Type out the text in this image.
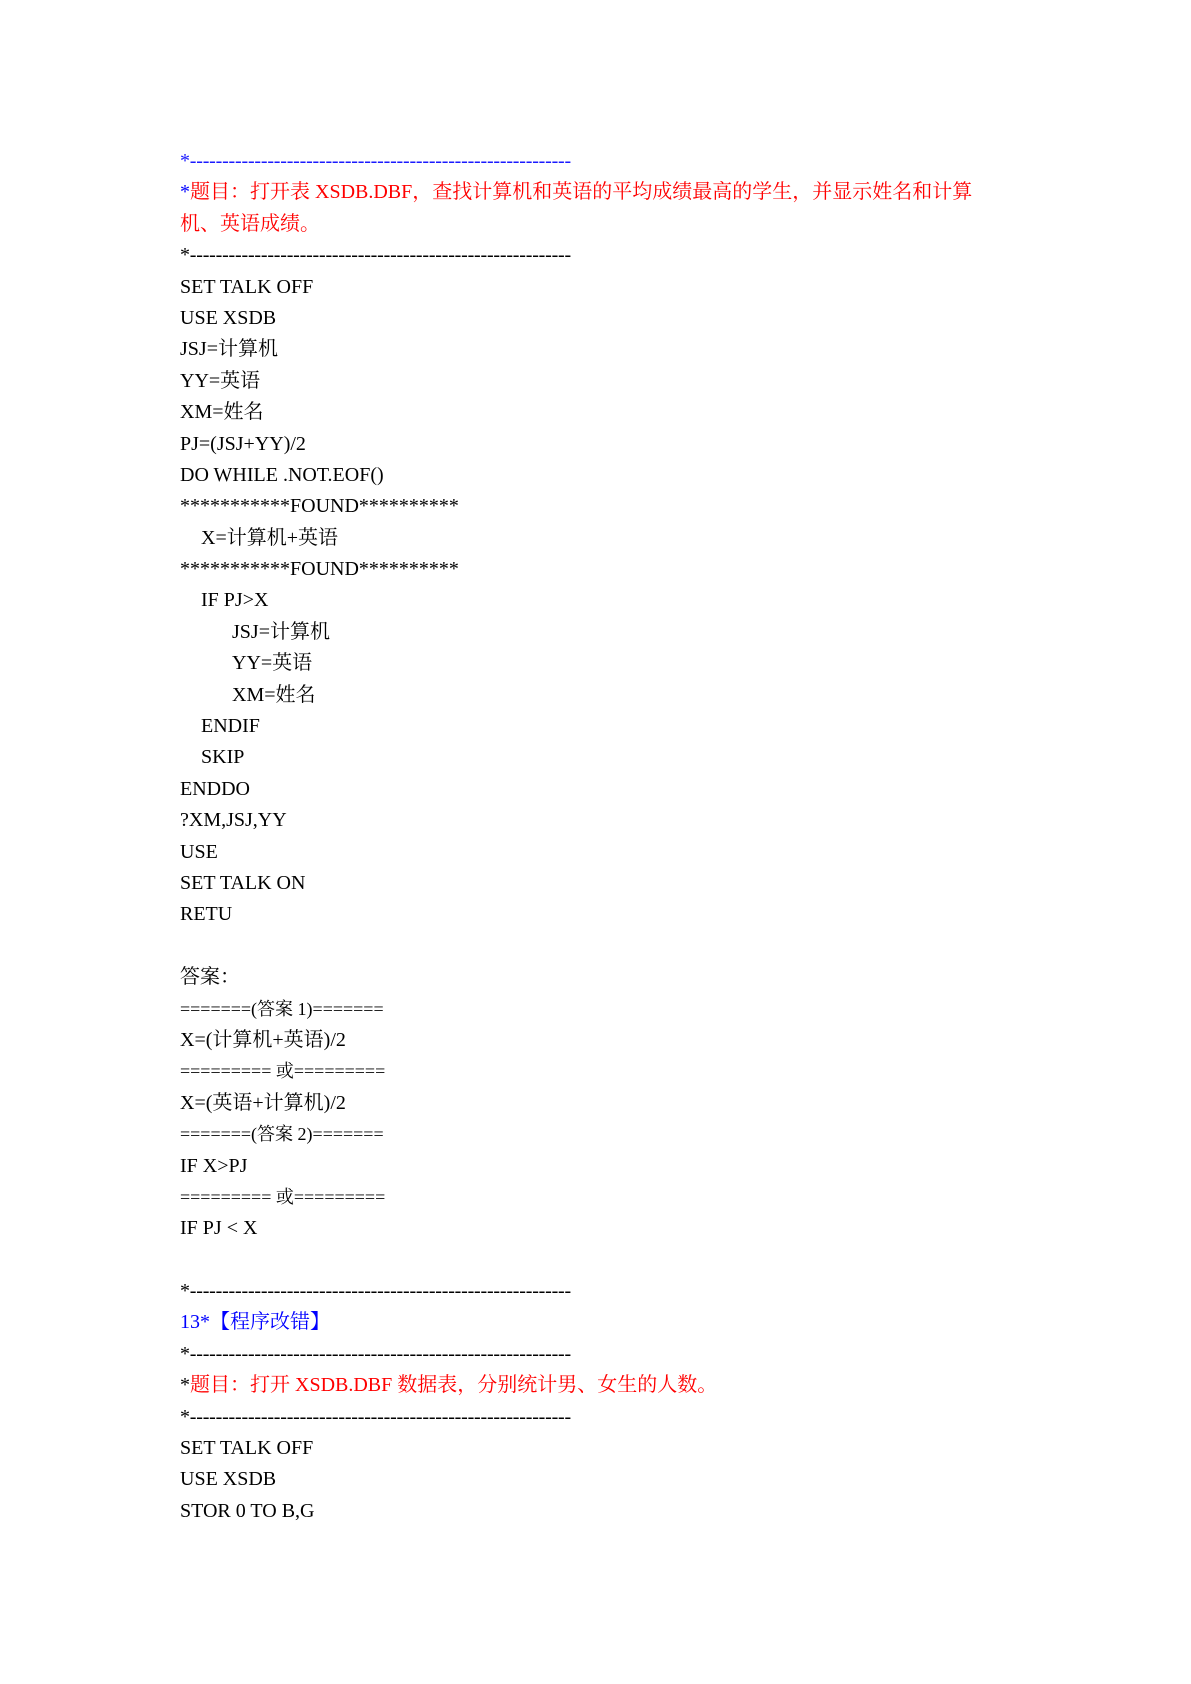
*-----------------------------------------------------------
*题目：打开表 XSDB.DBF，查找计算机和英语的平均成绩最高的学生，并显示姓名和计算
机、英语成绩。
*-----------------------------------------------------------
SET TALK OFF
USE XSDB
JSJ=计算机
YY=英语
XM=姓名
PJ=(JSJ+YY)/2
DO WHILE .NOT.EOF()
***********FOUND**********
X=计算机+英语
***********FOUND**********
IF PJ>X
JSJ=计算机
YY=英语
XM=姓名
ENDIF
SKIP
ENDDO
?XM,JSJ,YY
USE
SET TALK ON
RETU
答案：
=======(答案 1)=======
X=(计算机+英语)/2
========= 或=========
X=(英语+计算机)/2
=======(答案 2)=======
IF X>PJ
========= 或=========
IF PJ < X
*-----------------------------------------------------------
13*【程序改错】
*-----------------------------------------------------------
*题目：打开 XSDB.DBF 数据表，分别统计男、女生的人数。
*-----------------------------------------------------------
SET TALK OFF
USE XSDB
STOR 0 TO B,G
